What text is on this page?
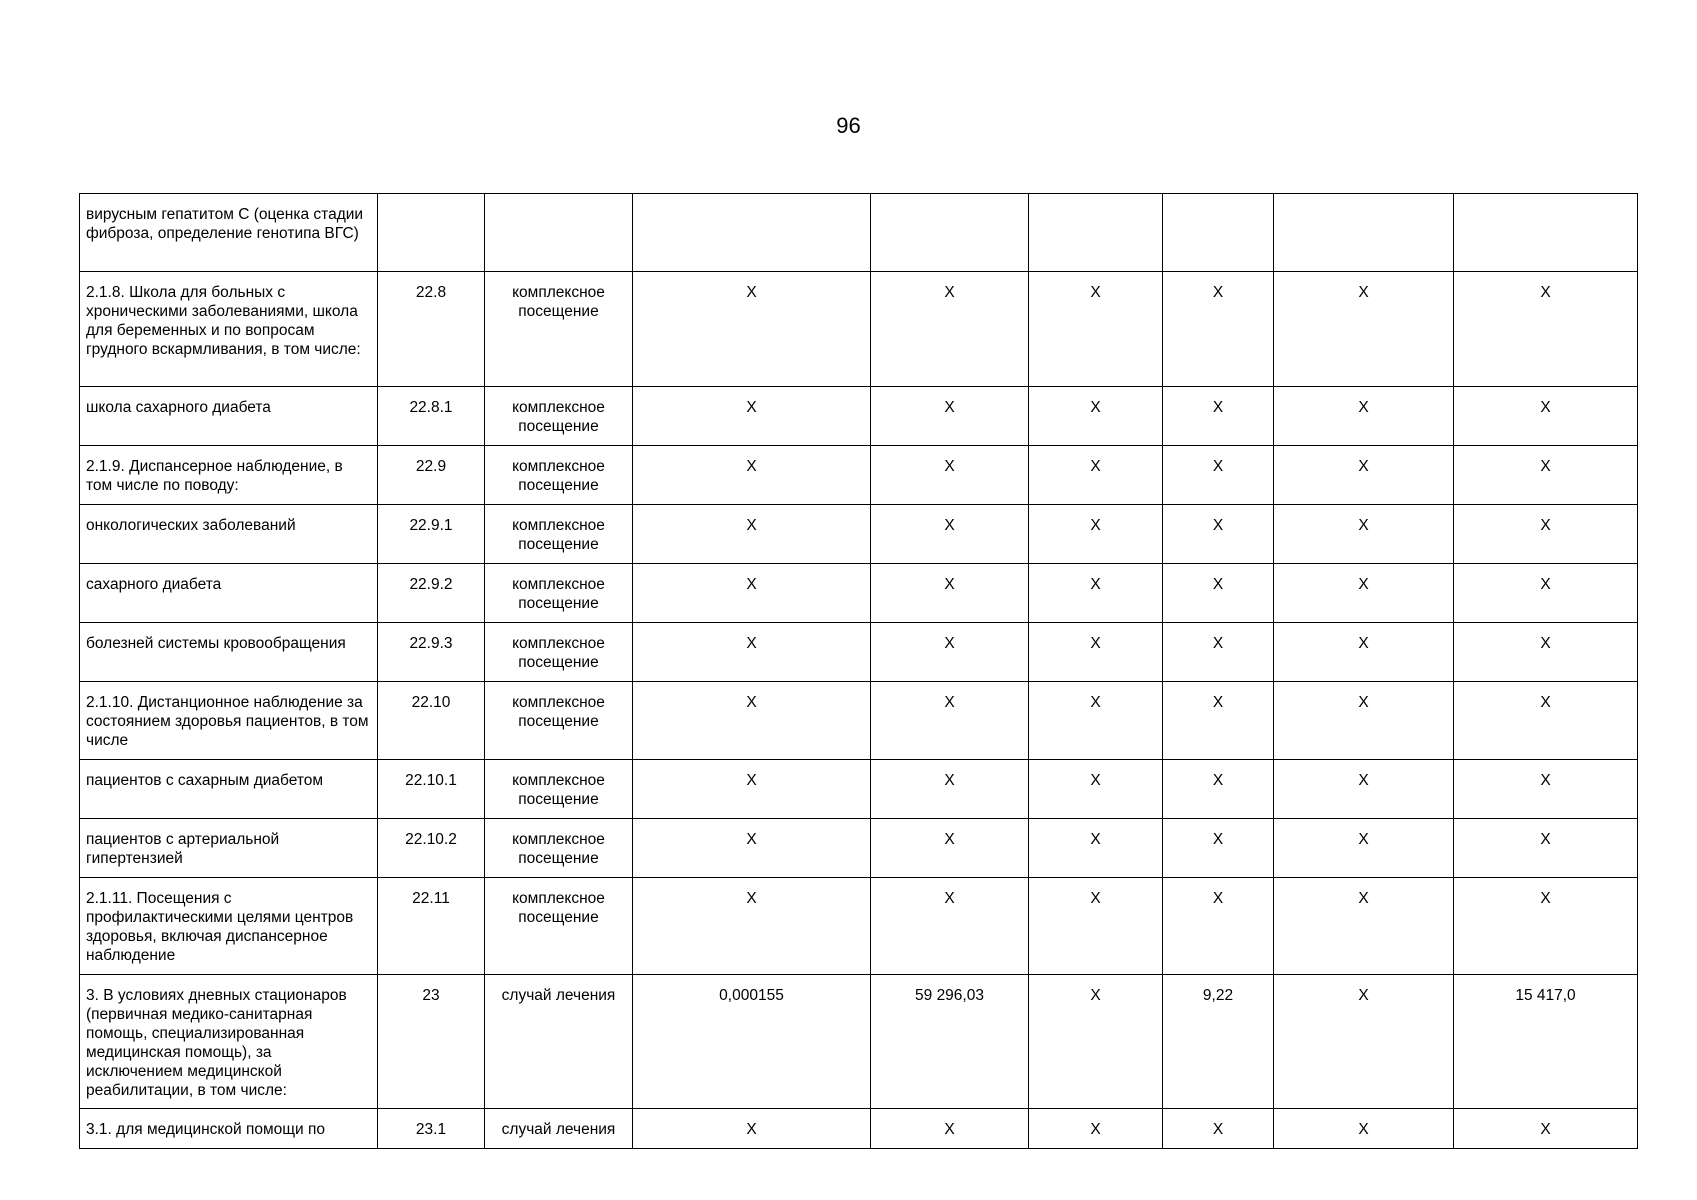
96
вирусным гепатитом С (оценка стадии фиброза, определение генотипа ВГС)								
2.1.8. Школа для больных с хроническими заболеваниями, школа для беременных и по вопросам грудного вскармливания, в том числе:	22.8	комплексное посещение	X	X	X	X	X	X
школа сахарного диабета	22.8.1	комплексное посещение	X	X	X	X	X	X
2.1.9. Диспансерное наблюдение, в том числе по поводу:	22.9	комплексное посещение	X	X	X	X	X	X
онкологических заболеваний	22.9.1	комплексное посещение	X	X	X	X	X	X
сахарного диабета	22.9.2	комплексное посещение	X	X	X	X	X	X
болезней системы кровообращения	22.9.3	комплексное посещение	X	X	X	X	X	X
2.1.10. Дистанционное наблюдение за состоянием здоровья пациентов, в том числе	22.10	комплексное посещение	X	X	X	X	X	X
пациентов с сахарным диабетом	22.10.1	комплексное посещение	X	X	X	X	X	X
пациентов с артериальной гипертензией	22.10.2	комплексное посещение	X	X	X	X	X	X
2.1.11. Посещения с профилактическими целями центров здоровья, включая диспансерное наблюдение	22.11	комплексное посещение	X	X	X	X	X	X
3. В условиях дневных стационаров (первичная медико-санитарная помощь, специализированная медицинская помощь), за исключением медицинской реабилитации, в том числе:	23	случай лечения	0,000155	59 296,03	X	9,22	X	15 417,0
3.1. для медицинской помощи по	23.1	случай лечения	X	X	X	X	X	X
